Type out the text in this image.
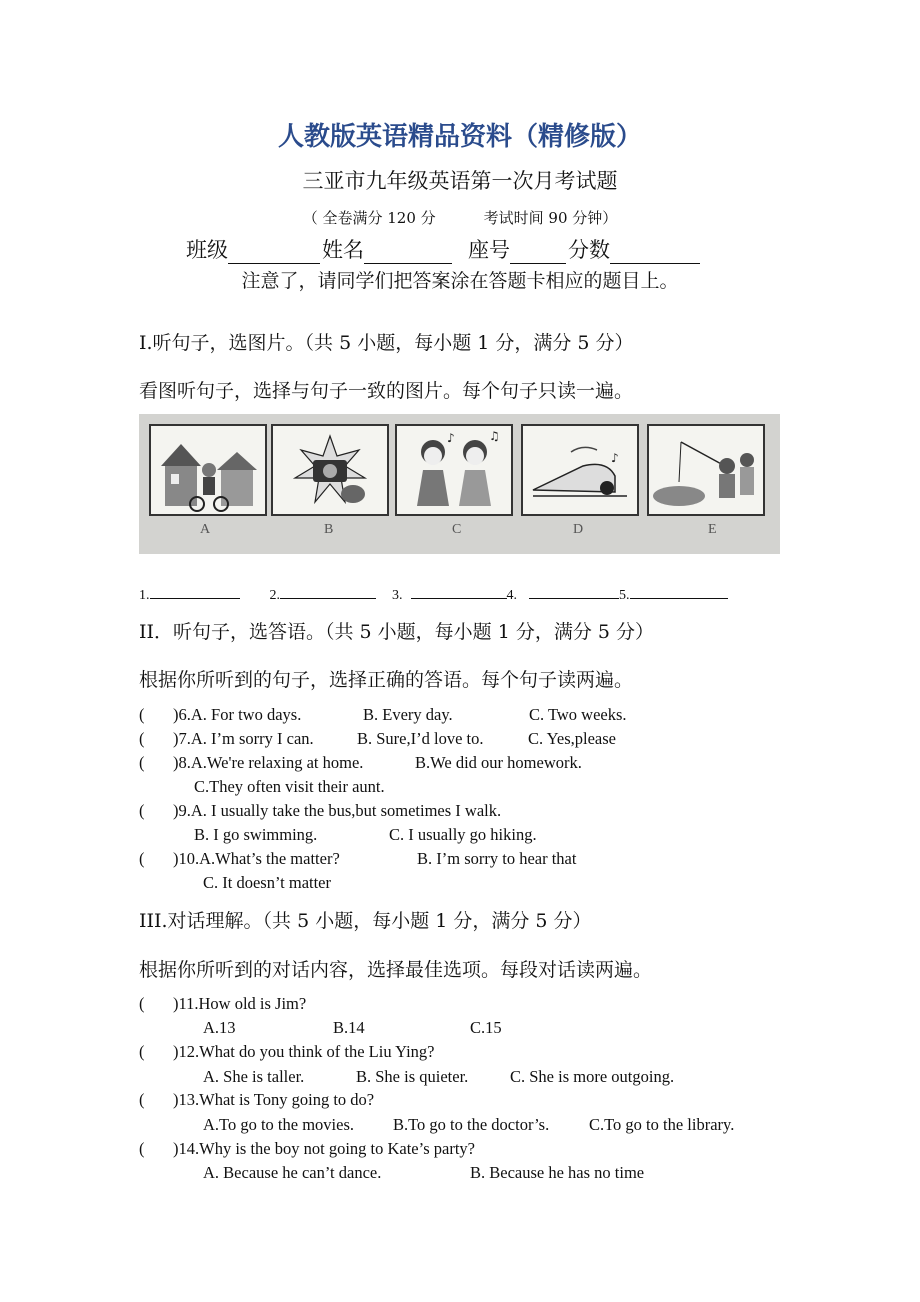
人教版英语精品资料（精修版）
三亚市九年级英语第一次月考试题
（ 全卷满分 120 分	考试时间 90 分钟）
班级	姓名	座号	分数
注意了，请同学们把答案涂在答题卡相应的题目上。
I.听句子，选图片。（共 5 小题，每小题 1 分，满分 5 分）
看图听句子，选择与句子一致的图片。每个句子只读一遍。
♪	♫
♪
A	B	C	D	E
1.	2.	3.	4.	5.
II．听句子，选答语。（共 5 小题，每小题 1 分，满分 5 分）
根据你所听到的句子，选择正确的答语。每个句子读两遍。
( )6.A. For two days.	B. Every day.	C. Two weeks.
( )7.A. I’m sorry I can.	B. Sure,I’d love to.	C. Yes,please
( )8.A.We're relaxing at home.	B.We did our homework.
C.They often visit their aunt.
( )9.A. I usually take the bus,but sometimes I walk.
B. I go swimming.	C. I usually go hiking.
( )10.A.What’s the matter?	B. I’m sorry to hear that
C. It doesn’t matter
III.对话理解。（共 5 小题，每小题 1 分，满分 5 分）
根据你所听到的对话内容，选择最佳选项。每段对话读两遍。
( )11.How old is Jim?
A.13	B.14	C.15
( )12.What do you think of the Liu Ying?
A. She is taller.	B. She is quieter.	C. She is more outgoing.
( )13.What is Tony going to do?
A.To go to the movies. B.To go to the doctor’s. C.To go to the library.
( )14.Why is the boy not going to Kate’s party?
A. Because he can’t dance.	B. Because he has no time
